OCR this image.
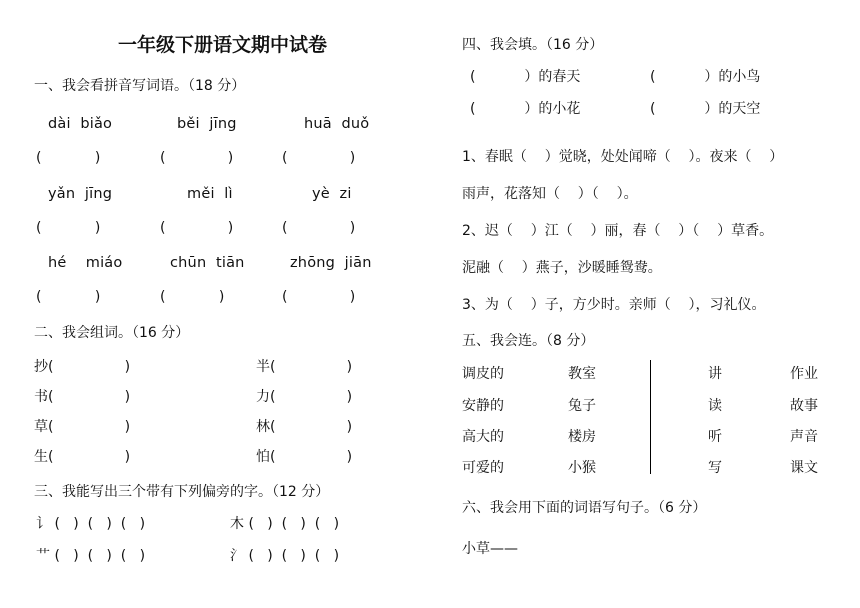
一年级下册语文期中试卷
一、我会看拼音写词语。（18 分）
dài  biǎo	běi  jīng	huā  duǒ
(            )	(              )	(              )
yǎn  jīng	měi  lì	yè  zi
(            )	(              )	(              )
hé    miáo	chūn  tiān	zhōng  jiān
(            )	(            )	(              )
二、我会组词。（16 分）
抄(                )	半(                )
书(                )	力(                )
草(                )	林(                )
生(                )	怕(                )
三、我能写出三个带有下列偏旁的字。（12 分）
讠 (   )  (   )  (   )	木 (   )  (   )  (   )
艹 (   )  (   )  (   )	氵 (   )  (   )  (   )
四、我会填。（16 分）
(           ）的春天	(           ）的小鸟
(           ）的小花	(           ）的天空
1、春眠（    ）觉晓，处处闻啼（    ）。夜来（    ）
雨声，花落知（    ）（    ）。
2、迟（    ）江（    ）丽，春（    ）（    ）草香。
泥融（    ）燕子，沙暖睡鸳鸯。
3、为（    ）子，方少时。亲师（    ），习礼仪。
五、我会连。（8 分）
调皮的	教室	讲	作业
安静的	兔子	读	故事
高大的	楼房	听	声音
可爱的	小猴	写	课文
六、我会用下面的词语写句子。（6 分）
小草——
